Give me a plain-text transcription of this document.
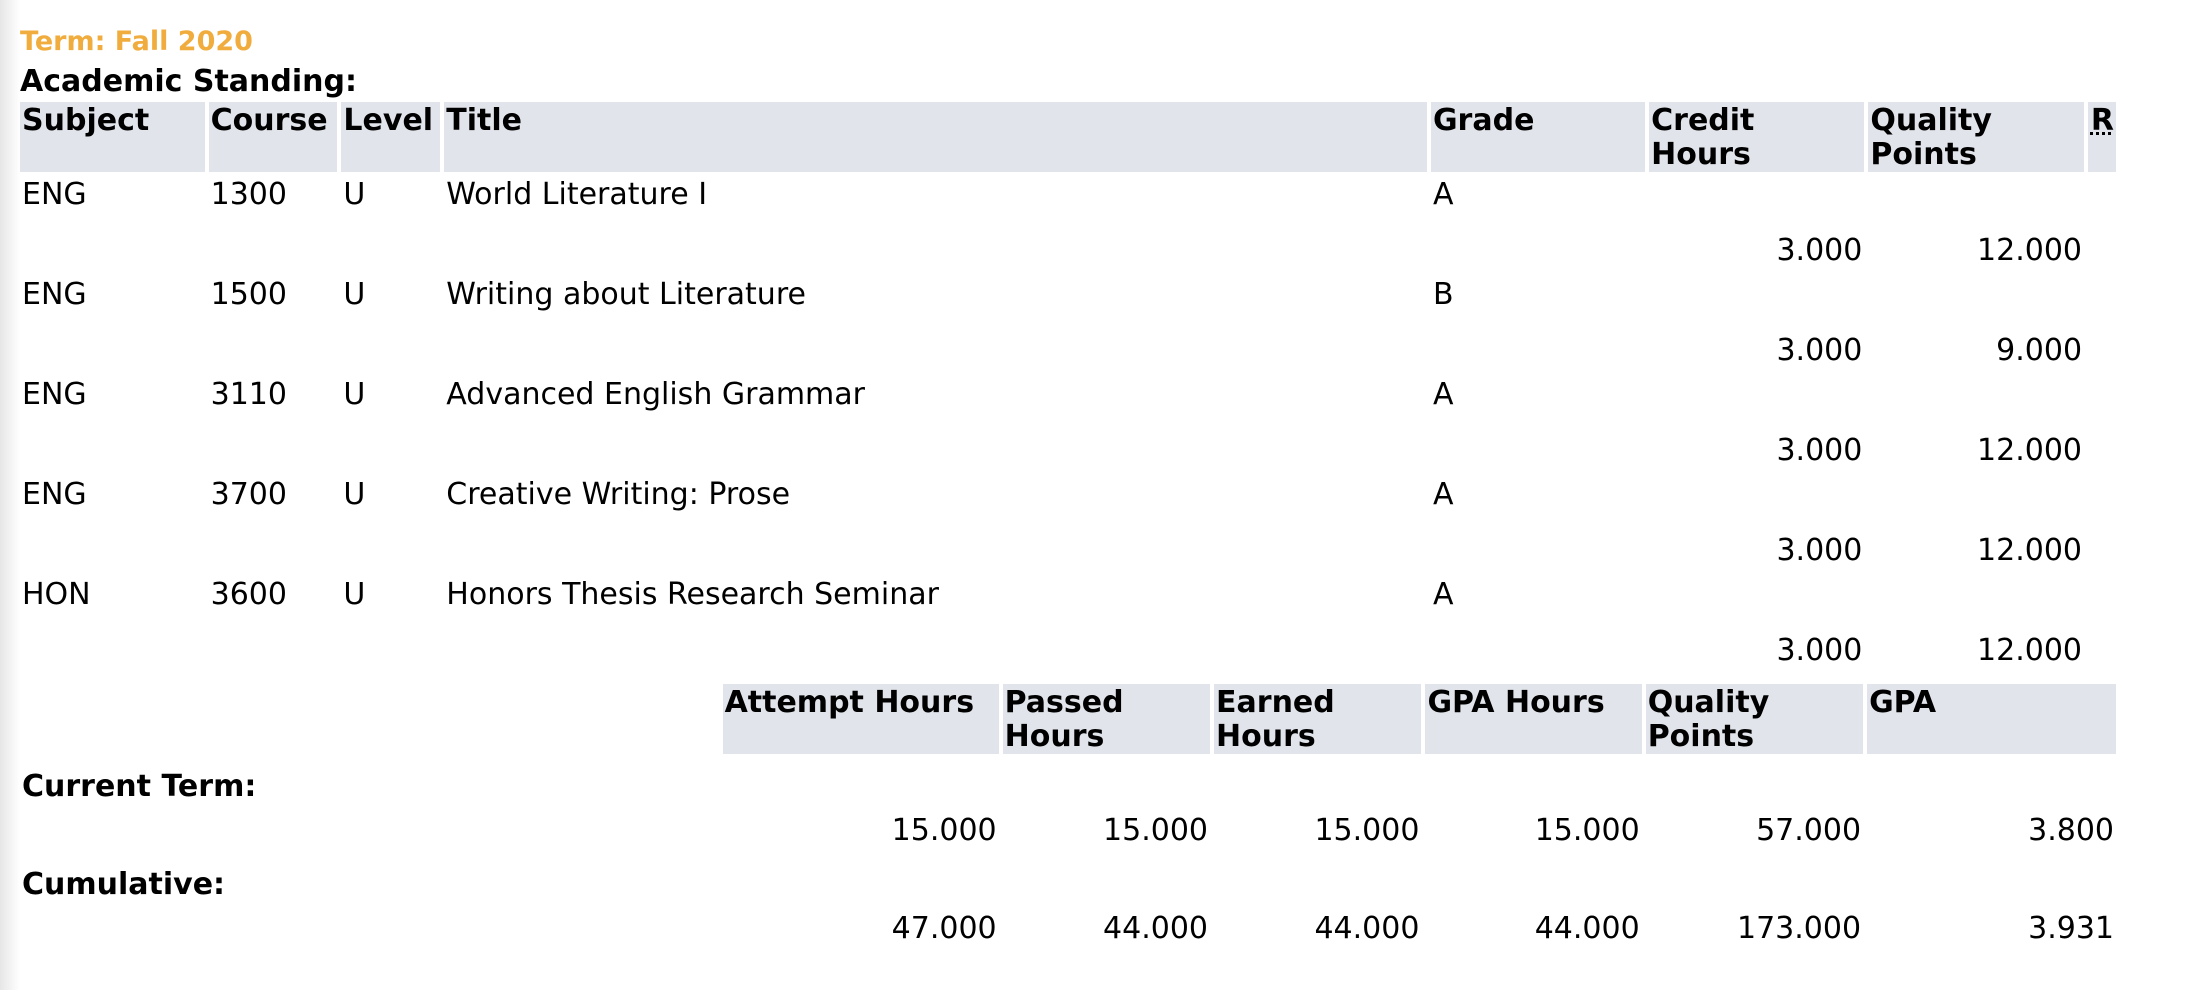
Term: Fall 2020
Academic Standing:
Subject	Course	Level	Title	Grade	Credit Hours	Quality Points	R
ENG	1300	U	World Literature I	A	3.000	12.000	
ENG	1500	U	Writing about Literature	B	3.000	9.000	
ENG	3110	U	Advanced English Grammar	A	3.000	12.000	
ENG	3700	U	Creative Writing: Prose	A	3.000	12.000	
HON	3600	U	Honors Thesis Research Seminar	A	3.000	12.000	
	Attempt Hours	Passed Hours	Earned Hours	GPA Hours	Quality Points	GPA
Current Term:	15.000	15.000	15.000	15.000	57.000	3.800
Cumulative:	47.000	44.000	44.000	44.000	173.000	3.931
